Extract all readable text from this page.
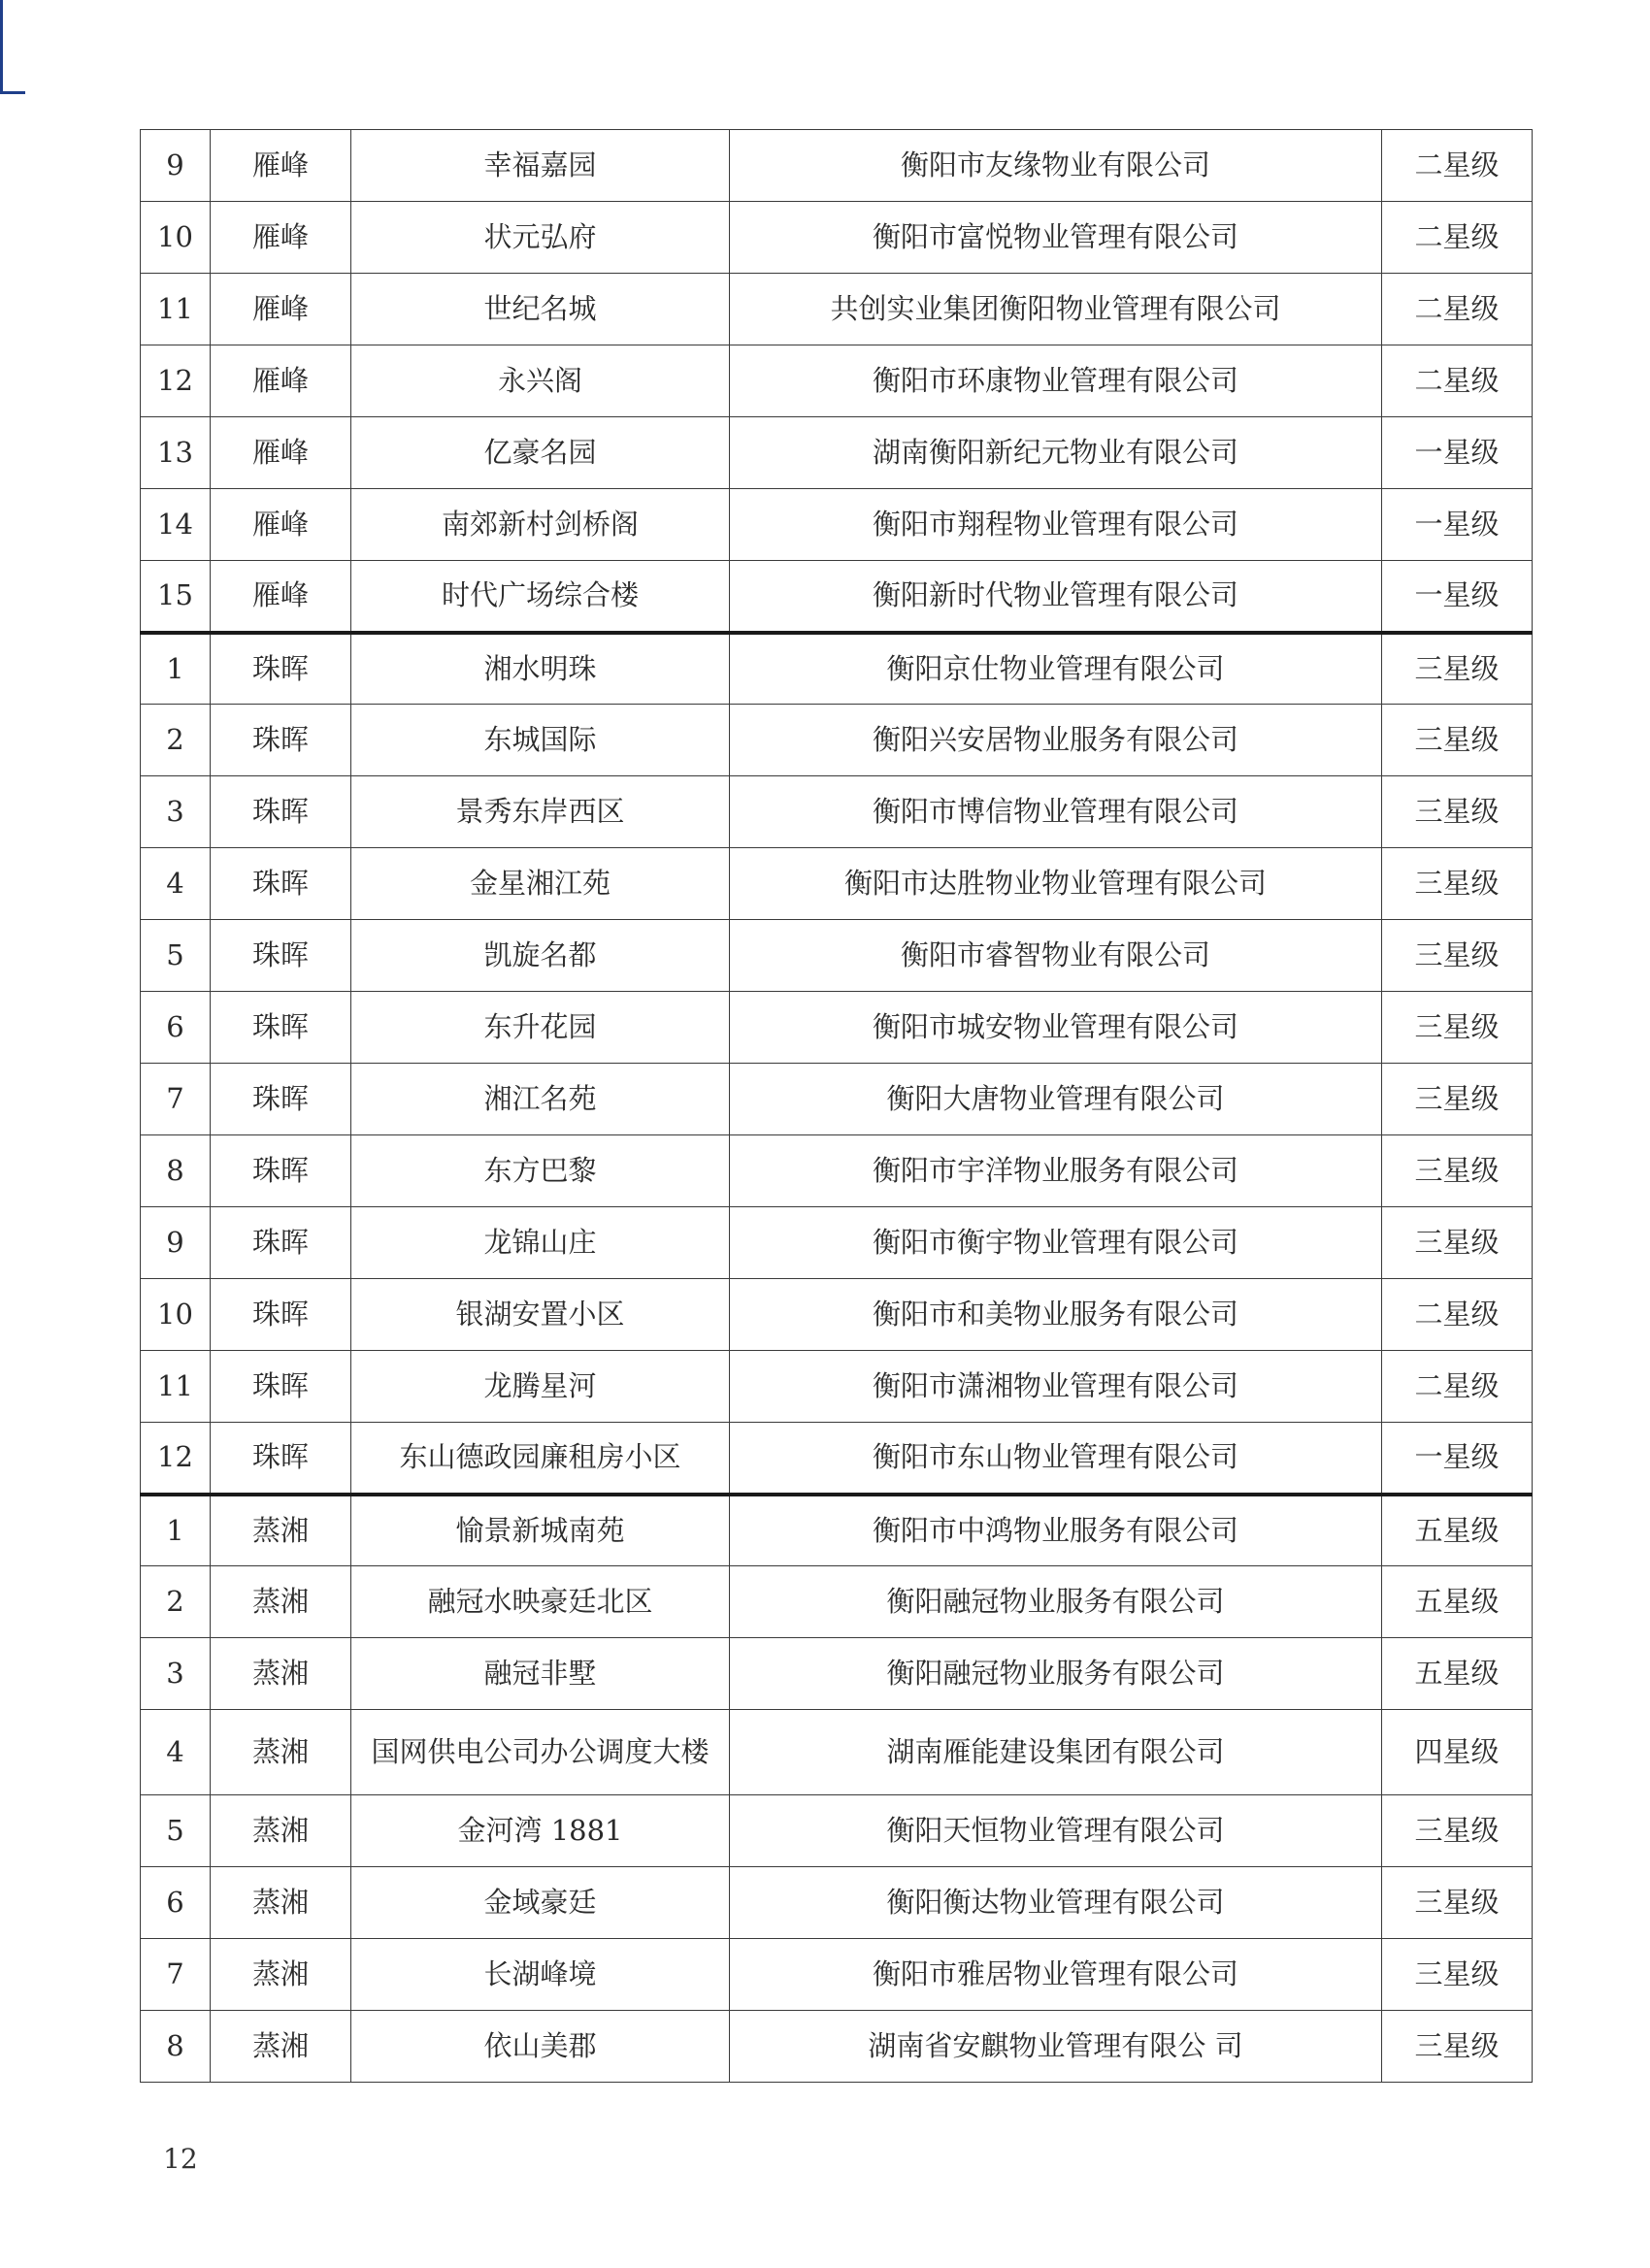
9	雁峰	幸福嘉园	衡阳市友缘物业有限公司	二星级
10	雁峰	状元弘府	衡阳市富悦物业管理有限公司	二星级
11	雁峰	世纪名城	共创实业集团衡阳物业管理有限公司	二星级
12	雁峰	永兴阁	衡阳市环康物业管理有限公司	二星级
13	雁峰	亿豪名园	湖南衡阳新纪元物业有限公司	一星级
14	雁峰	南郊新村剑桥阁	衡阳市翔程物业管理有限公司	一星级
15	雁峰	时代广场综合楼	衡阳新时代物业管理有限公司	一星级
1	珠晖	湘水明珠	衡阳京仕物业管理有限公司	三星级
2	珠晖	东城国际	衡阳兴安居物业服务有限公司	三星级
3	珠晖	景秀东岸西区	衡阳市博信物业管理有限公司	三星级
4	珠晖	金星湘江苑	衡阳市达胜物业物业管理有限公司	三星级
5	珠晖	凯旋名都	衡阳市睿智物业有限公司	三星级
6	珠晖	东升花园	衡阳市城安物业管理有限公司	三星级
7	珠晖	湘江名苑	衡阳大唐物业管理有限公司	三星级
8	珠晖	东方巴黎	衡阳市宇洋物业服务有限公司	三星级
9	珠晖	龙锦山庄	衡阳市衡宇物业管理有限公司	三星级
10	珠晖	银湖安置小区	衡阳市和美物业服务有限公司	二星级
11	珠晖	龙腾星河	衡阳市潇湘物业管理有限公司	二星级
12	珠晖	东山德政园廉租房小区	衡阳市东山物业管理有限公司	一星级
1	蒸湘	愉景新城南苑	衡阳市中鸿物业服务有限公司	五星级
2	蒸湘	融冠水映豪廷北区	衡阳融冠物业服务有限公司	五星级
3	蒸湘	融冠非墅	衡阳融冠物业服务有限公司	五星级
4	蒸湘	国网供电公司办公调度大楼	湖南雁能建设集团有限公司	四星级
5	蒸湘	金河湾 1881	衡阳天恒物业管理有限公司	三星级
6	蒸湘	金域豪廷	衡阳衡达物业管理有限公司	三星级
7	蒸湘	长湖峰境	衡阳市雅居物业管理有限公司	三星级
8	蒸湘	依山美郡	湖南省安麒物业管理有限公 司	三星级
12
